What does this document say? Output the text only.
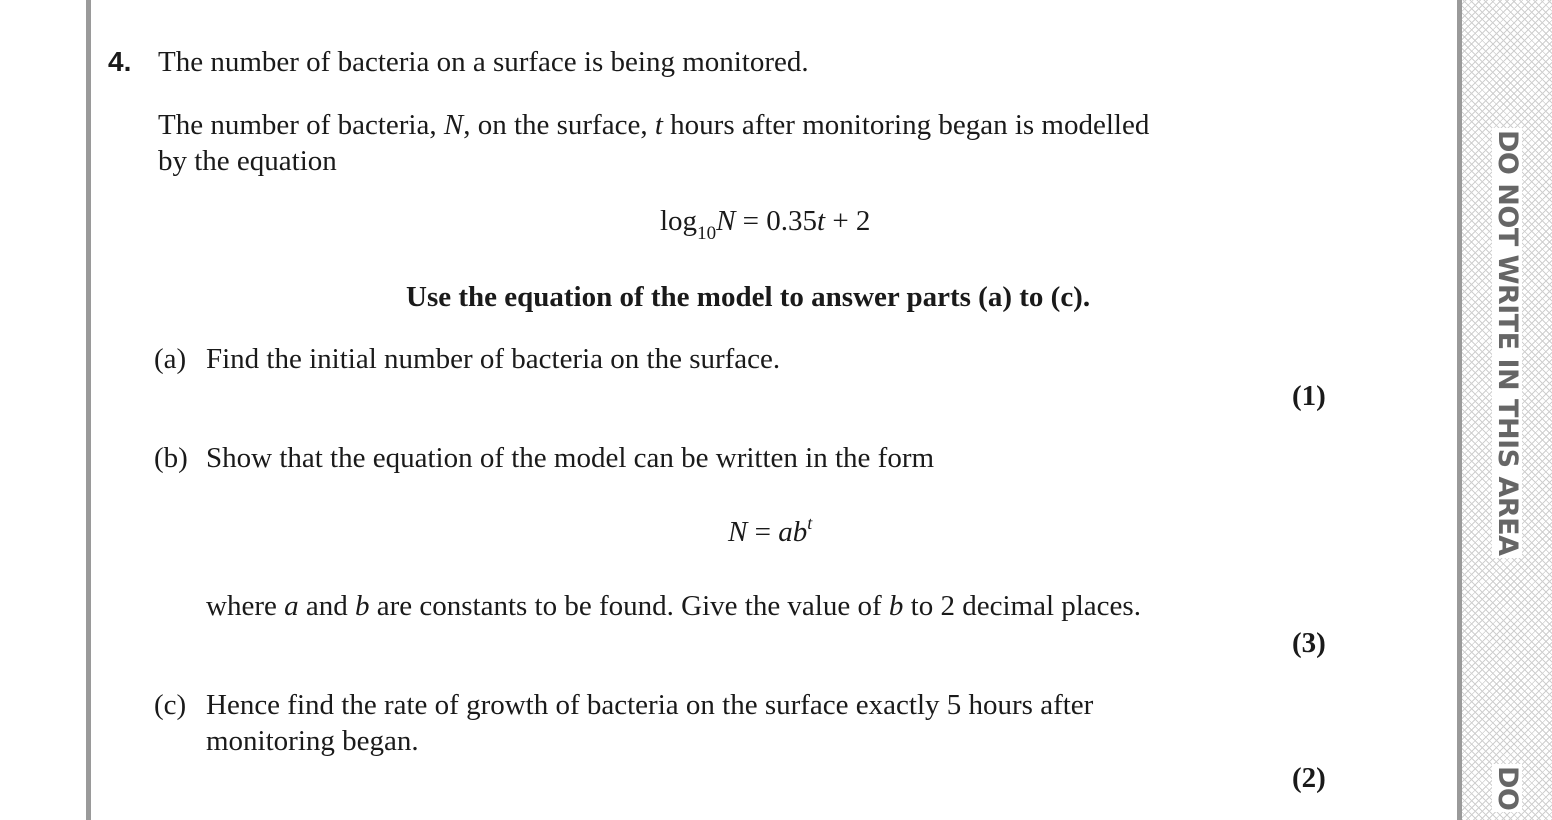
DO NOT WRITE IN THIS AREA
DO
4. The number of bacteria on a surface is being monitored.
The number of bacteria, N, on the surface, t hours after monitoring began is modelled
by the equation
$\log_{10}N = 0.35t + 2$
Use the equation of the model to answer parts (a) to (c).
(a) Find the initial number of bacteria on the surface.
(1)
(b) Show that the equation of the model can be written in the form
$N = ab^t$
where a and b are constants to be found. Give the value of b to 2 decimal places.
(3)
(c) Hence find the rate of growth of bacteria on the surface exactly 5 hours after
monitoring began.
(2)
